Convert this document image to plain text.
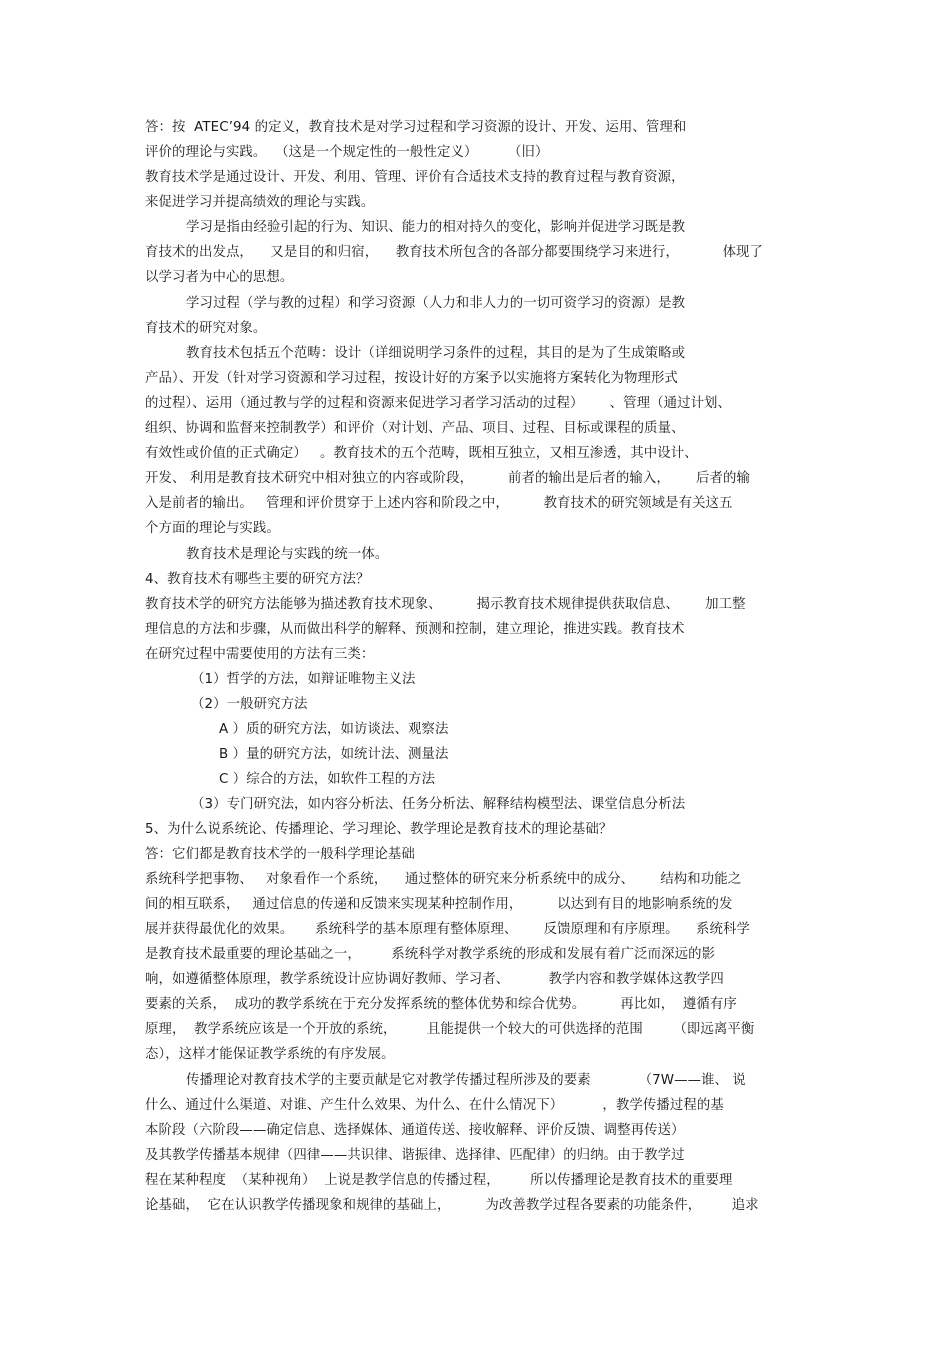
答：按  ATEC’94 的定义，教育技术是对学习过程和学习资源的设计、开发、运用、管理和
评价的理论与实践。  （这是一个规定性的一般性定义）       （旧）
教育技术学是通过设计、开发、利用、管理、评价有合适技术支持的教育过程与教育资源，
来促进学习并提高绩效的理论与实践。
学习是指由经验引起的行为、知识、能力的相对持久的变化，影响并促进学习既是教
育技术的出发点，    又是目的和归宿，    教育技术所包含的各部分都要围绕学习来进行，          体现了
以学习者为中心的思想。
学习过程（学与教的过程）和学习资源（人力和非人力的一切可资学习的资源）是教
育技术的研究对象。
教育技术包括五个范畴：设计（详细说明学习条件的过程，其目的是为了生成策略或
产品）、开发（针对学习资源和学习过程，按设计好的方案予以实施将方案转化为物理形式
的过程）、运用（通过教与学的过程和资源来促进学习者学习活动的过程）      、管理（通过计划、
组织、协调和监督来控制教学）和评价（对计划、产品、项目、过程、目标或课程的质量、
有效性或价值的正式确定）   。教育技术的五个范畴，既相互独立，又相互渗透，其中设计、
开发、 利用是教育技术研究中相对独立的内容或阶段，        前者的输出是后者的输入，      后者的输
入是前者的输出。   管理和评价贯穿于上述内容和阶段之中，        教育技术的研究领域是有关这五
个方面的理论与实践。
教育技术是理论与实践的统一体。
4、教育技术有哪些主要的研究方法？
教育技术学的研究方法能够为描述教育技术现象、        揭示教育技术规律提供获取信息、      加工整
理信息的方法和步骤，从而做出科学的解释、预测和控制，建立理论，推进实践。教育技术
在研究过程中需要使用的方法有三类：
（1）哲学的方法，如辩证唯物主义法
（2）一般研究方法
A ）质的研究方法，如访谈法、观察法
B ）量的研究方法，如统计法、测量法
C ）综合的方法，如软件工程的方法
（3）专门研究法，如内容分析法、任务分析法、解释结构模型法、课堂信息分析法
5、为什么说系统论、传播理论、学习理论、教学理论是教育技术的理论基础？
答：它们都是教育技术学的一般科学理论基础
系统科学把事物、   对象看作一个系统，    通过整体的研究来分析系统中的成分、      结构和功能之
间的相互联系，   通过信息的传递和反馈来实现某种控制作用，        以达到有目的地影响系统的发
展并获得最优化的效果。     系统科学的基本原理有整体原理、      反馈原理和有序原理。    系统科学
是教育技术最重要的理论基础之一，       系统科学对教学系统的形成和发展有着广泛而深远的影
响，如遵循整体原理，教学系统设计应协调好教师、学习者、         教学内容和教学媒体这教学四
要素的关系，  成功的教学系统在于充分发挥系统的整体优势和综合优势。        再比如，  遵循有序
原理，  教学系统应该是一个开放的系统，       且能提供一个较大的可供选择的范围       （即远离平衡
态），这样才能保证教学系统的有序发展。
传播理论对教育技术学的主要贡献是它对教学传播过程所涉及的要素           （7W——谁、 说
什么、通过什么渠道、对谁、产生什么效果、为什么、在什么情况下）         ，教学传播过程的基
本阶段（六阶段——确定信息、选择媒体、通道传送、接收解释、评价反馈、调整再传送）
及其教学传播基本规律（四律——共识律、谐振律、选择律、匹配律）的归纳。由于教学过
程在某种程度  （某种视角）  上说是教学信息的传播过程，       所以传播理论是教育技术的重要理
论基础，  它在认识教学传播现象和规律的基础上，        为改善教学过程各要素的功能条件，       追求
